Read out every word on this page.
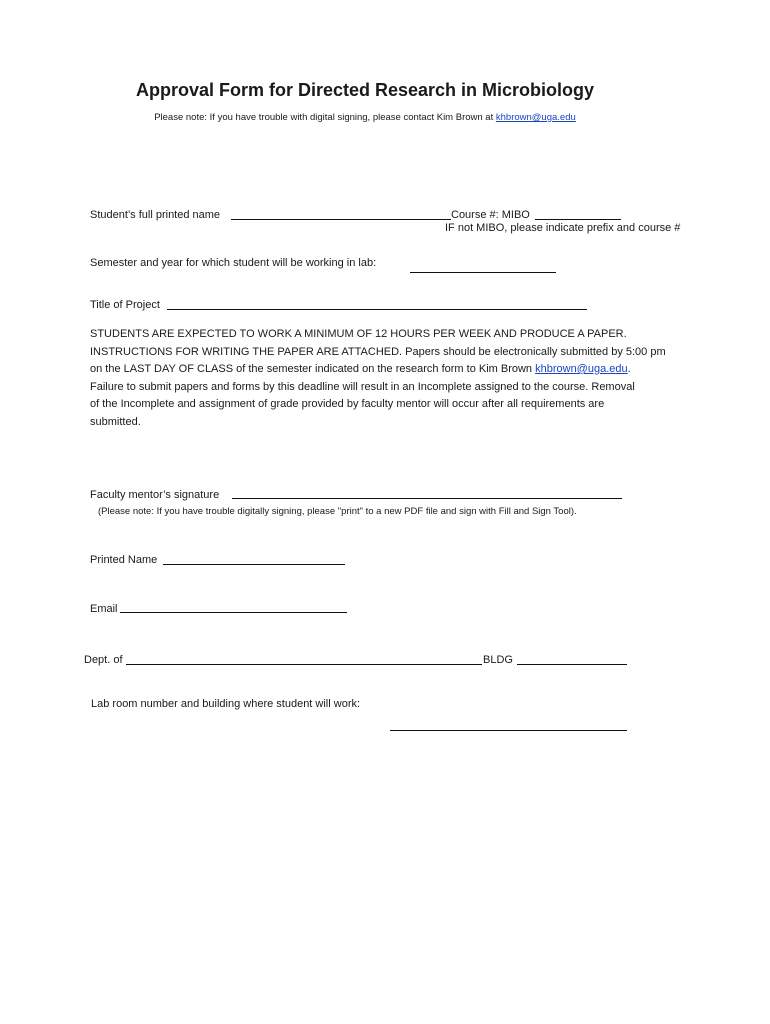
Approval Form for Directed Research in Microbiology
Please note: If you have trouble with digital signing, please contact Kim Brown at khbrown@uga.edu
Student’s full printed name	Course #: MIBO
IF not MIBO, please indicate prefix and course #
Semester and year for which student will be working in lab:
Title of Project

STUDENTS ARE EXPECTED TO WORK A MINIMUM OF 12 HOURS PER WEEK AND PRODUCE A PAPER.

INSTRUCTIONS FOR WRITING THE PAPER ARE ATTACHED. Papers should be electronically submitted by 5:00 pm

on the LAST DAY OF CLASS of the semester indicated on the research form to Kim Brown khbrown@uga.edu.

Failure to submit papers and forms by this deadline will result in an Incomplete assigned to the course. Removal

of the Incomplete and assignment of grade provided by faculty mentor will occur after all requirements are

submitted.

Faculty mentor’s signature
(Please note: If you have trouble digitally signing, please "print" to a new PDF file and sign with Fill and Sign Tool).
Printed Name
Email
Dept. of	BLDG
Lab room number and building where student will work:
